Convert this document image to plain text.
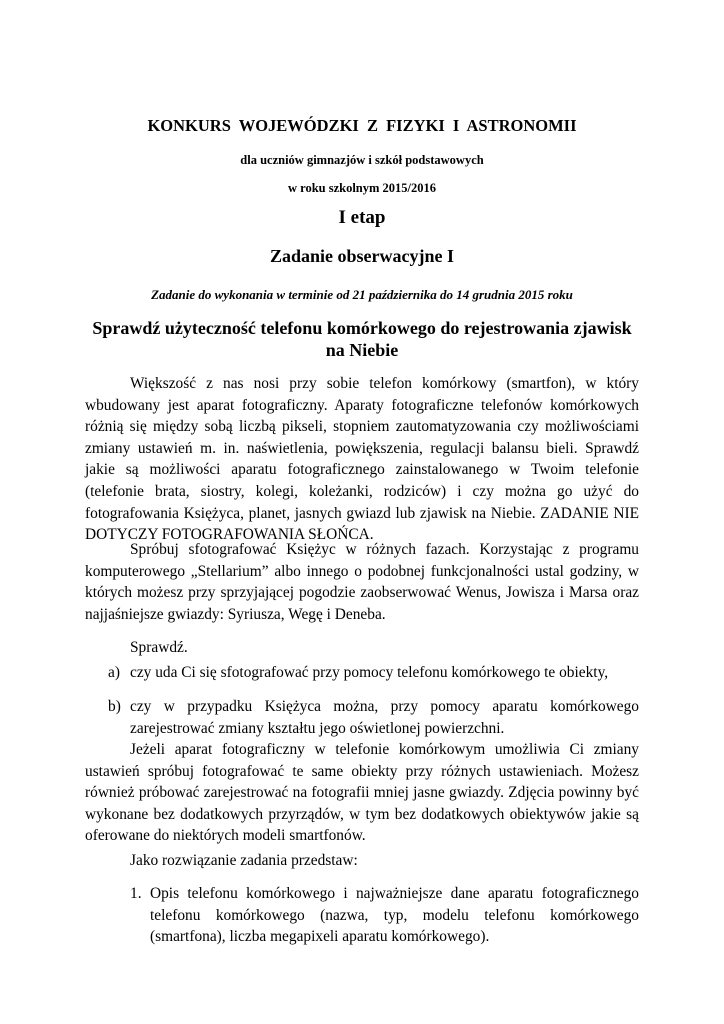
KONKURS WOJEWÓDZKI Z FIZYKI I ASTRONOMII
dla uczniów gimnazjów i szkół podstawowych
w roku szkolnym 2015/2016
I etap
Zadanie obserwacyjne I
Zadanie do wykonania w terminie od 21 października do 14 grudnia 2015 roku
Sprawdź użyteczność telefonu komórkowego do rejestrowania zjawisk na Niebie
Większość z nas nosi przy sobie telefon komórkowy (smartfon), w który wbudowany jest aparat fotograficzny. Aparaty fotograficzne telefonów komórkowych różnią się między sobą liczbą pikseli, stopniem zautomatyzowania czy możliwościami zmiany ustawień m. in. naświetlenia, powiększenia, regulacji balansu bieli. Sprawdź jakie są możliwości aparatu fotograficznego zainstalowanego w Twoim telefonie (telefonie brata, siostry, kolegi, koleżanki, rodziców) i czy można go użyć do fotografowania Księżyca, planet, jasnych gwiazd lub zjawisk na Niebie. ZADANIE NIE DOTYCZY FOTOGRAFOWANIA SŁOŃCA.
Spróbuj sfotografować Księżyc w różnych fazach. Korzystając z programu komputerowego „Stellarium” albo innego o podobnej funkcjonalności ustal godziny, w których możesz przy sprzyjającej pogodzie zaobserwować Wenus, Jowisza i Marsa oraz najjaśniejsze gwiazdy: Syriusza, Wegę i Deneba.
Sprawdź.
a) czy uda Ci się sfotografować przy pomocy telefonu komórkowego te obiekty,
b) czy w przypadku Księżyca można, przy pomocy aparatu komórkowego zarejestrować zmiany kształtu jego oświetlonej powierzchni.
Jeżeli aparat fotograficzny w telefonie komórkowym umożliwia Ci zmiany ustawień spróbuj fotografować te same obiekty przy różnych ustawieniach. Możesz również próbować zarejestrować na fotografii mniej jasne gwiazdy. Zdjęcia powinny być wykonane bez dodatkowych przyrządów, w tym bez dodatkowych obiektywów jakie są oferowane do niektórych modeli smartfonów.
Jako rozwiązanie zadania przedstaw:
1. Opis telefonu komórkowego i najważniejsze dane aparatu fotograficznego telefonu komórkowego (nazwa, typ, modelu telefonu komórkowego (smartfona), liczba megapixeli aparatu komórkowego).
